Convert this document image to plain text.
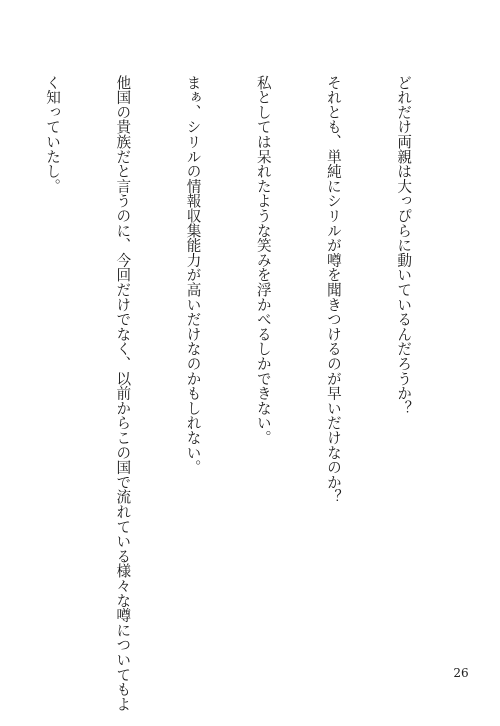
どれだけ両親は大っぴらに動いているんだろうか？

それとも、単純にシリルが噂を聞きつけるのが早いだけなのか？

私としては呆れたような笑みを浮かべるしかできない。

まぁ、シリルの情報収集能力が高いだけなのかもしれない。

他国の貴族だと言うのに、今回だけでなく、以前からこの国で流れている様々な噂についてもよ

く知っていたし。

26
